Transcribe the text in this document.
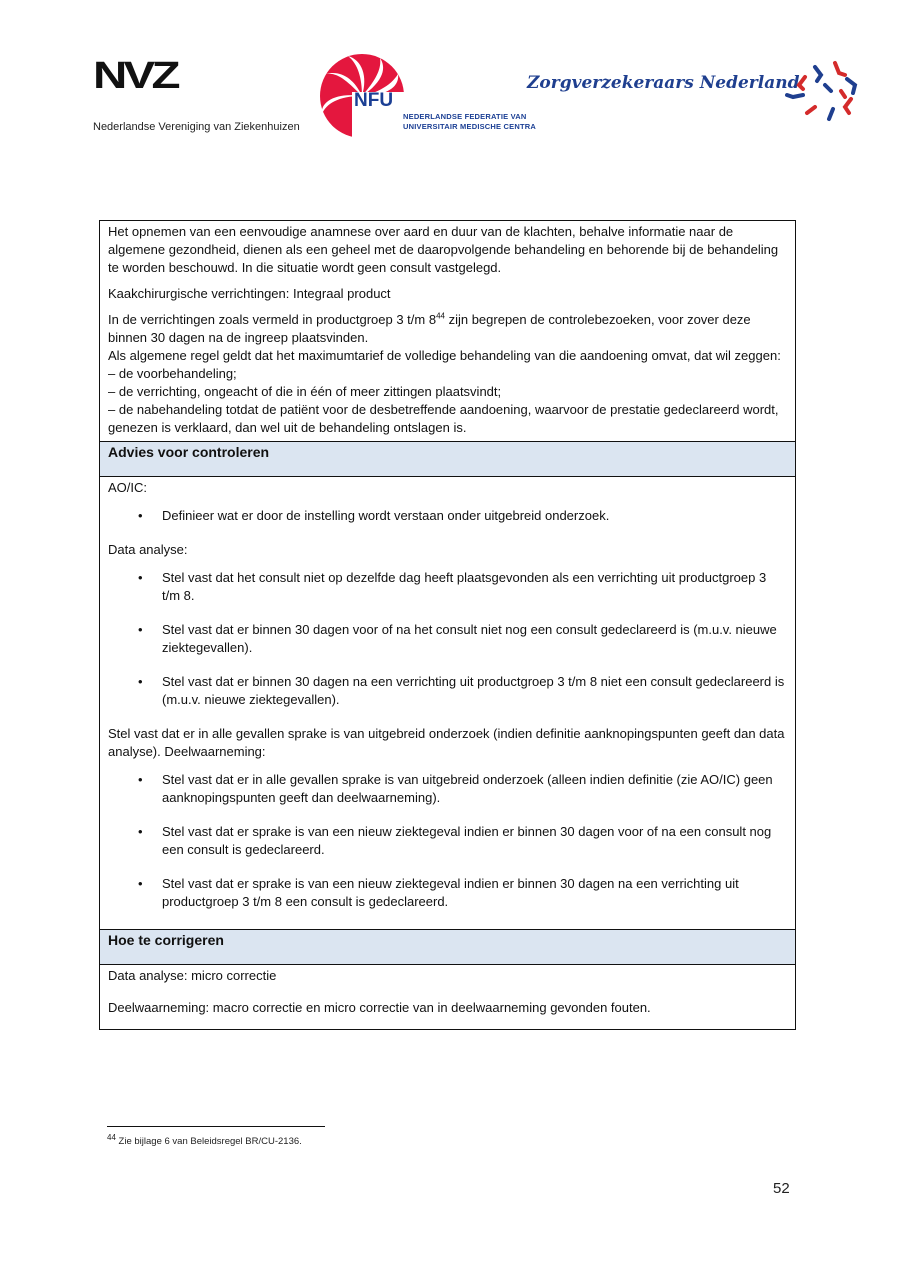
NVZ
Nederlandse Vereniging van Ziekenhuizen
NFU
NEDERLANDSE FEDERATIE VAN
UNIVERSITAIR MEDISCHE CENTRA
Zorgverzekeraars Nederland

Het opnemen van een eenvoudige anamnese over aard en duur van de klachten, behalve informatie naar de algemene gezondheid, dienen als een geheel met de daaropvolgende behandeling en behorende bij de behandeling te worden beschouwd. In die situatie wordt geen consult vastgelegd.

Kaakchirurgische verrichtingen: Integraal product

In de verrichtingen zoals vermeld in productgroep 3 t/m $8^{44}$ zijn begrepen de controlebezoeken, voor zover deze binnen 30 dagen na de ingreep plaatsvinden.

Als algemene regel geldt dat het maximumtarief de volledige behandeling van die aandoening omvat, dat wil zeggen:

– de voorbehandeling;

– de verrichting, ongeacht of die in één of meer zittingen plaatsvindt;

– de nabehandeling totdat de patiënt voor de desbetreffende aandoening, waarvoor de prestatie gedeclareerd wordt, genezen is verklaard, dan wel uit de behandeling ontslagen is.

Advies voor controleren

AO/IC:

• Definieer wat er door de instelling wordt verstaan onder uitgebreid onderzoek.

Data analyse:

• Stel vast dat het consult niet op dezelfde dag heeft plaatsgevonden als een verrichting uit productgroep 3 t/m 8.
• Stel vast dat er binnen 30 dagen voor of na het consult niet nog een consult gedeclareerd is (m.u.v. nieuwe ziektegevallen).
• Stel vast dat er binnen 30 dagen na een verrichting uit productgroep 3 t/m 8 niet een consult gedeclareerd is (m.u.v. nieuwe ziektegevallen).

Stel vast dat er in alle gevallen sprake is van uitgebreid onderzoek (indien definitie aanknopingspunten geeft dan data analyse). Deelwaarneming:

• Stel vast dat er in alle gevallen sprake is van uitgebreid onderzoek (alleen indien definitie (zie AO/IC) geen aanknopingspunten geeft dan deelwaarneming).
• Stel vast dat er sprake is van een nieuw ziektegeval indien er binnen 30 dagen voor of na een consult nog een consult is gedeclareerd.
• Stel vast dat er sprake is van een nieuw ziektegeval indien er binnen 30 dagen na een verrichting uit productgroep 3 t/m 8 een consult is gedeclareerd.
Hoe te corrigeren

Data analyse: micro correctie

Deelwaarneming: macro correctie en micro correctie van in deelwaarneming gevonden fouten.

$^{44}$ Zie bijlage 6 van Beleidsregel BR/CU-2136.
52
